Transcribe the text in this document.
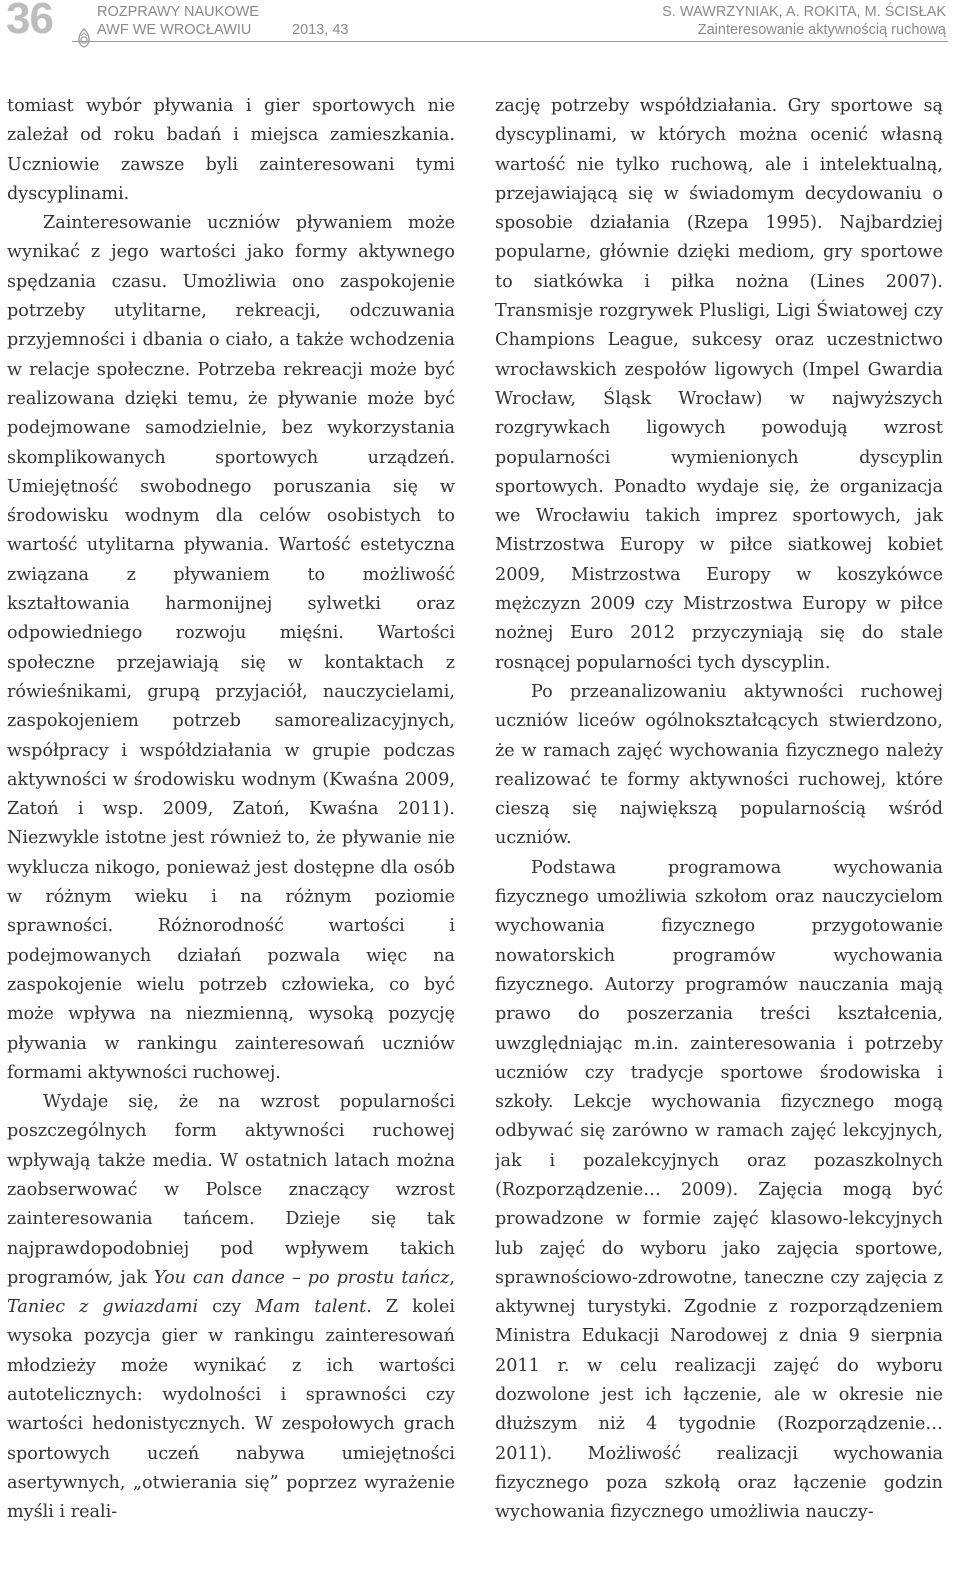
36	ROZPRAWY NAUKOWE
AWF WE WROCŁAWIU	2013, 43
S. WAWRZYNIAK, A. ROKITA, M. ŚCISŁAK
Zainteresowanie aktywnością ruchową

tomiast wybór pływania i gier sportowych nie zależał od roku badań i miejsca zamieszkania. Uczniowie zawsze byli zainteresowani tymi dyscyplinami.

Zainteresowanie uczniów pływaniem może wynikać z jego wartości jako formy aktywnego spędzania czasu. Umożliwia ono zaspokojenie potrzeby utylitarne, rekreacji, odczuwania przyjemności i dbania o ciało, a także wchodzenia w relacje społeczne. Potrzeba rekreacji może być realizowana dzięki temu, że pływanie może być podejmowane samodzielnie, bez wykorzystania skomplikowanych sportowych urządzeń. Umiejętność swobodnego poruszania się w środowisku wodnym dla celów osobistych to wartość utylitarna pływania. Wartość estetyczna związana z pływaniem to możliwość kształtowania harmonijnej sylwetki oraz odpowiedniego rozwoju mięśni. Wartości społeczne przejawiają się w kontaktach z rówieśnikami, grupą przyjaciół, nauczycielami, zaspokojeniem potrzeb samorealizacyjnych, współpracy i współdziałania w grupie podczas aktywności w środowisku wodnym (Kwaśna 2009, Zatoń i wsp. 2009, Zatoń, Kwaśna 2011). Niezwykle istotne jest również to, że pływanie nie wyklucza nikogo, ponieważ jest dostępne dla osób w różnym wieku i na różnym poziomie sprawności. Różnorodność wartości i podejmowanych działań pozwala więc na zaspokojenie wielu potrzeb człowieka, co być może wpływa na niezmienną, wysoką pozycję pływania w rankingu zainteresowań uczniów formami aktywności ruchowej.

Wydaje się, że na wzrost popularności poszczególnych form aktywności ruchowej wpływają także media. W ostatnich latach można zaobserwować w Polsce znaczący wzrost zainteresowania tańcem. Dzieje się tak najprawdopodobniej pod wpływem takich programów, jak You can dance – po prostu tańcz, Taniec z gwiazdami czy Mam talent. Z kolei wysoka pozycja gier w rankingu zainteresowań młodzieży może wynikać z ich wartości autotelicznych: wydolności i sprawności czy wartości hedonistycznych. W zespołowych grach sportowych uczeń nabywa umiejętności asertywnych, „otwierania się” poprzez wyrażenie myśli i reali-

zację potrzeby współdziałania. Gry sportowe są dyscyplinami, w których można ocenić własną wartość nie tylko ruchową, ale i intelektualną, przejawiającą się w świadomym decydowaniu o sposobie działania (Rzepa 1995). Najbardziej popularne, głównie dzięki mediom, gry sportowe to siatkówka i piłka nożna (Lines 2007). Transmisje rozgrywek Plusligi, Ligi Światowej czy Champions League, sukcesy oraz uczestnictwo wrocławskich zespołów ligowych (Impel Gwardia Wrocław, Śląsk Wrocław) w najwyższych rozgrywkach ligowych powodują wzrost popularności wymienionych dyscyplin sportowych. Ponadto wydaje się, że organizacja we Wrocławiu takich imprez sportowych, jak Mistrzostwa Europy w piłce siatkowej kobiet 2009, Mistrzostwa Europy w koszykówce mężczyzn 2009 czy Mistrzostwa Europy w piłce nożnej Euro 2012 przyczyniają się do stale rosnącej popularności tych dyscyplin.

Po przeanalizowaniu aktywności ruchowej uczniów liceów ogólnokształcących stwierdzono, że w ramach zajęć wychowania fizycznego należy realizować te formy aktywności ruchowej, które cieszą się największą popularnością wśród uczniów.

Podstawa programowa wychowania fizycznego umożliwia szkołom oraz nauczycielom wychowania fizycznego przygotowanie nowatorskich programów wychowania fizycznego. Autorzy programów nauczania mają prawo do poszerzania treści kształcenia, uwzględniając m.in. zainteresowania i potrzeby uczniów czy tradycje sportowe środowiska i szkoły. Lekcje wychowania fizycznego mogą odbywać się zarówno w ramach zajęć lekcyjnych, jak i pozalekcyjnych oraz pozaszkolnych (Rozporządzenie… 2009). Zajęcia mogą być prowadzone w formie zajęć klasowo-lekcyjnych lub zajęć do wyboru jako zajęcia sportowe, sprawnościowo-zdrowotne, taneczne czy zajęcia z aktywnej turystyki. Zgodnie z rozporządzeniem Ministra Edukacji Narodowej z dnia 9 sierpnia 2011 r. w celu realizacji zajęć do wyboru dozwolone jest ich łączenie, ale w okresie nie dłuższym niż 4 tygodnie (Rozporządzenie… 2011). Możliwość realizacji wychowania fizycznego poza szkołą oraz łączenie godzin wychowania fizycznego umożliwia nauczy-
